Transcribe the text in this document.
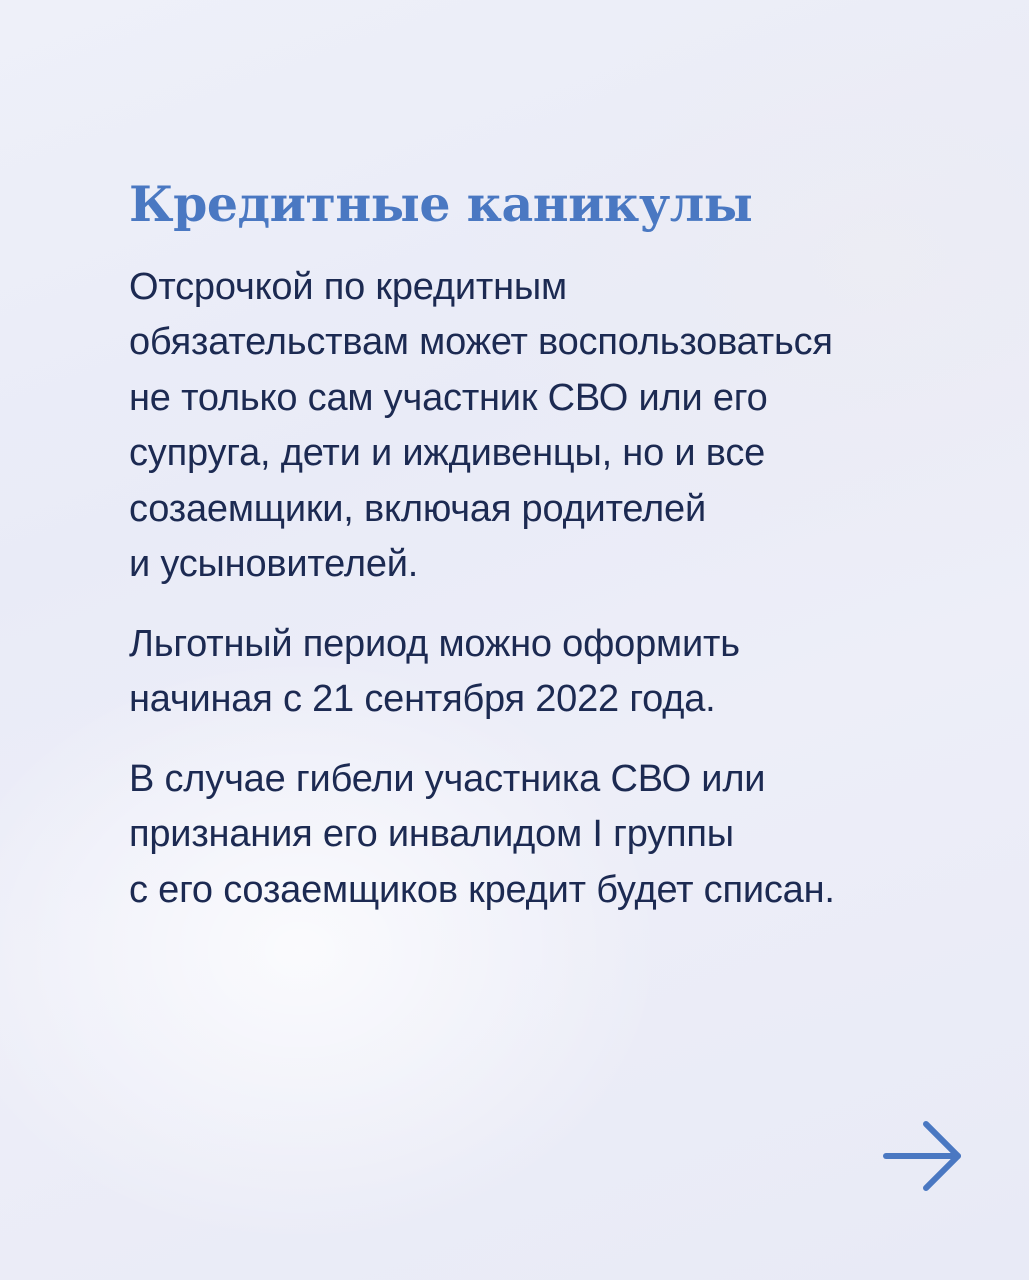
Кредитные каникулы

Отсрочкой по кредитным
обязательствам может воспользоваться
не только сам участник СВО или его
супруга, дети и иждивенцы, но и все
созаемщики, включая родителей
и усыновителей.

Льготный период можно оформить
начиная с 21 сентября 2022 года.

В случае гибели участника СВО или
признания его инвалидом I группы
с его созаемщиков кредит будет списан.
